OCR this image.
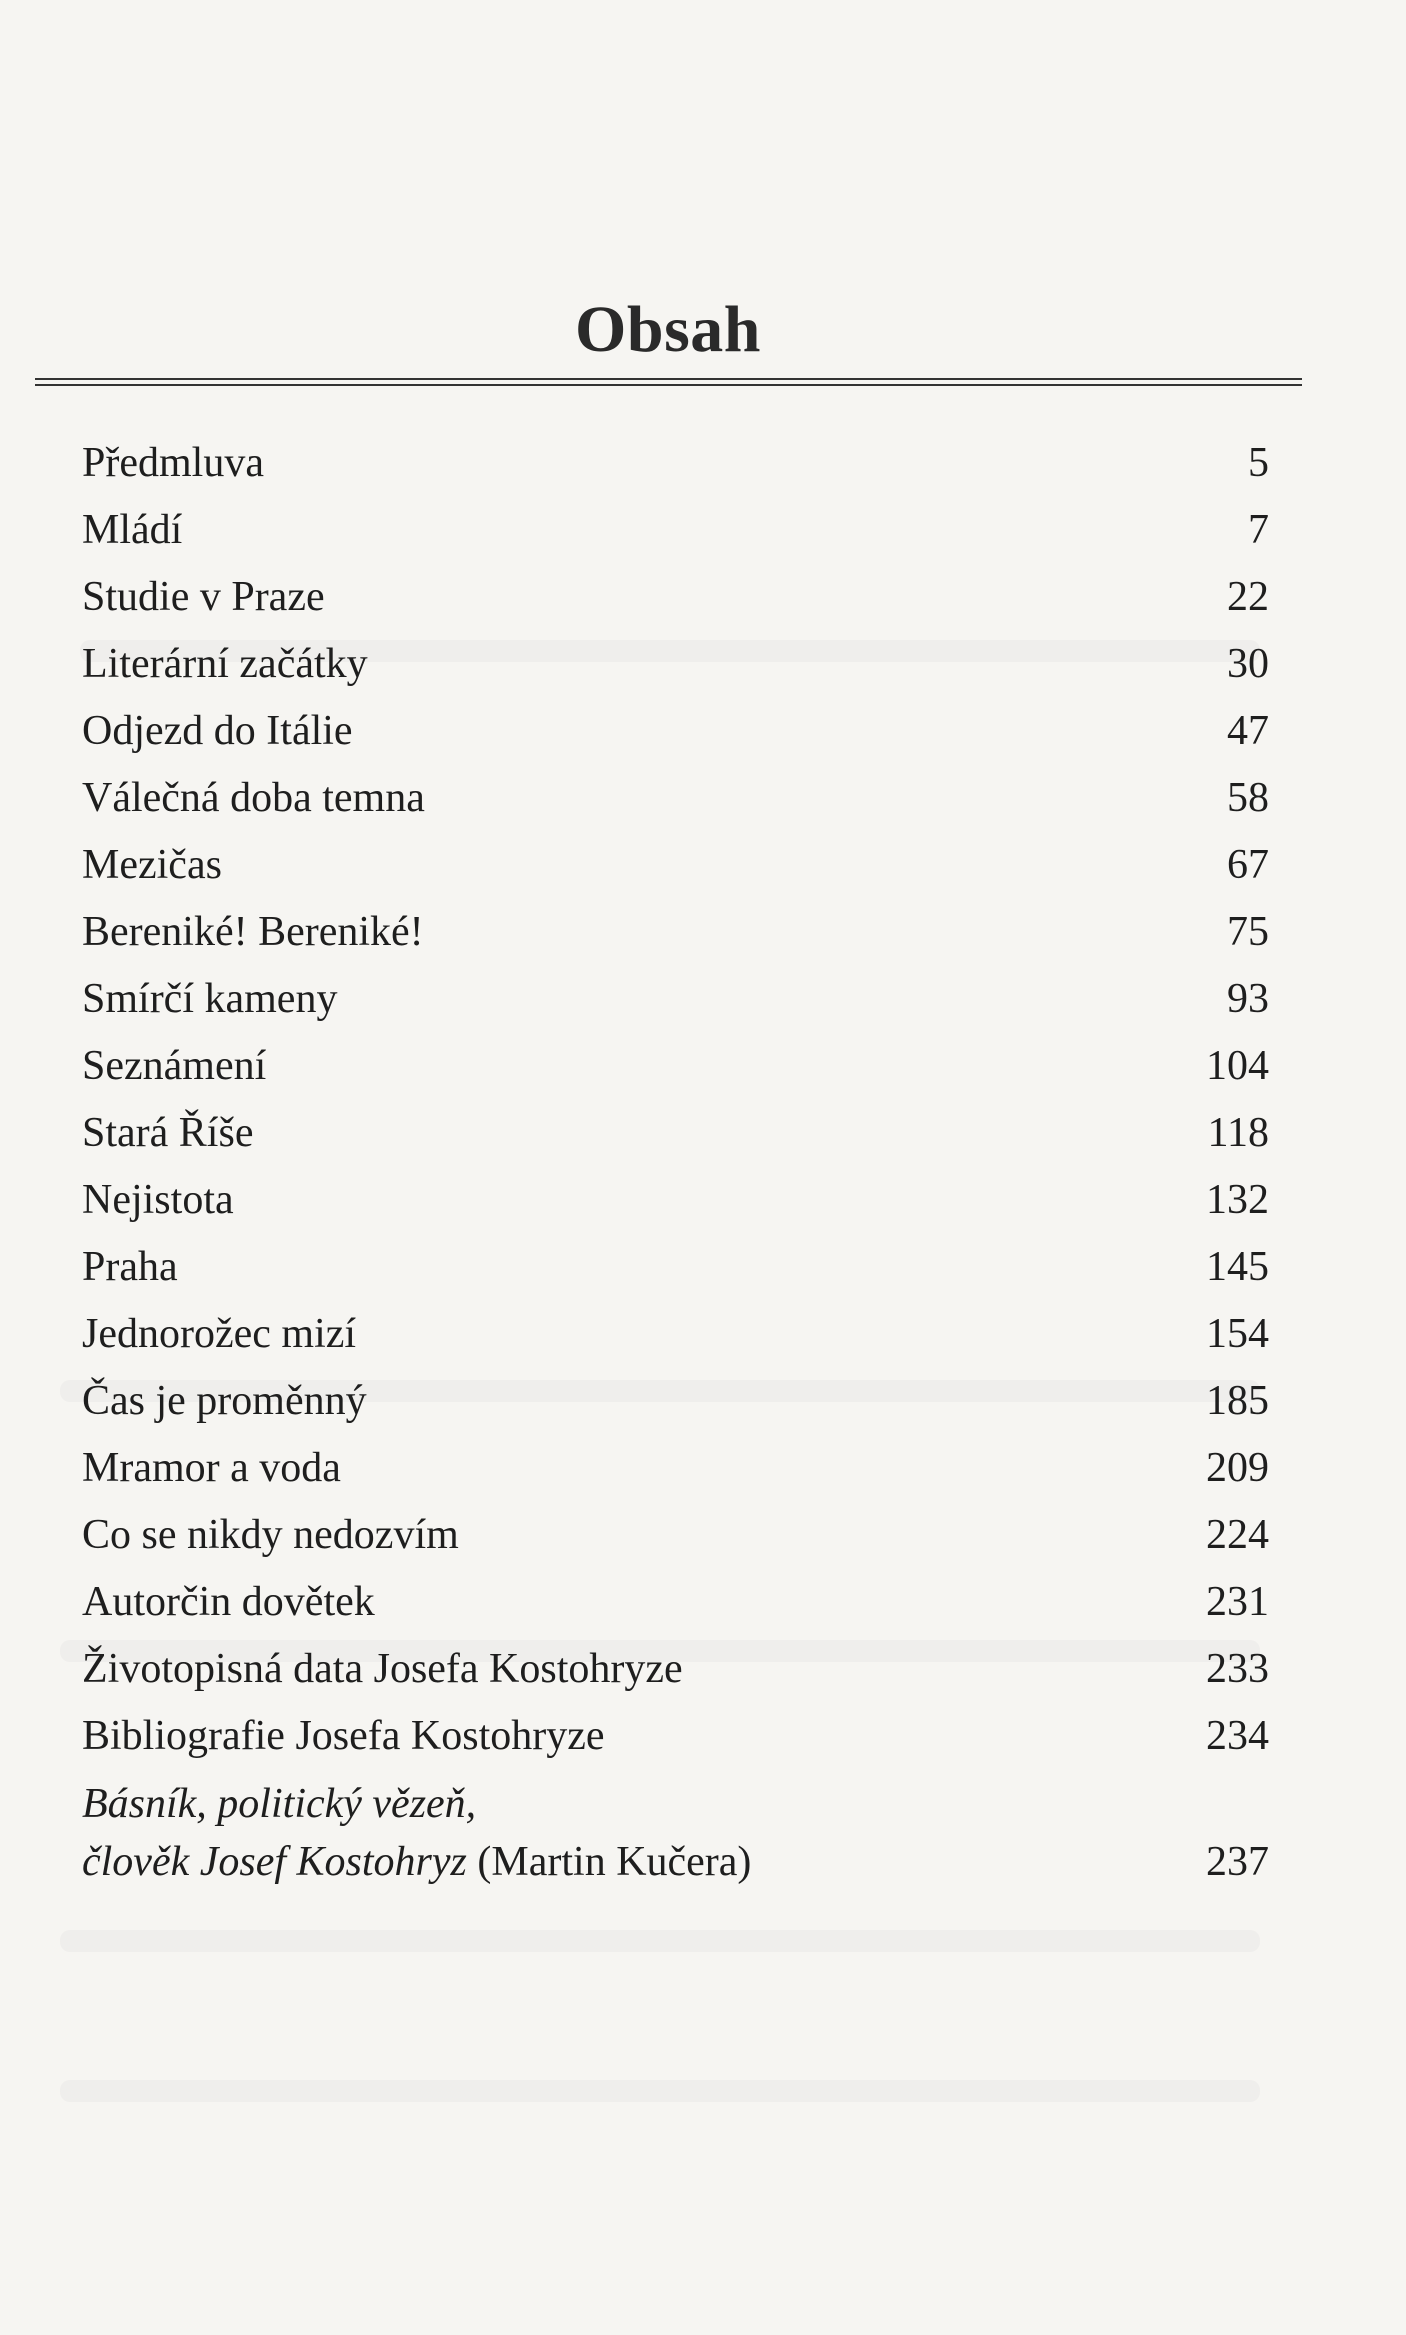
Obsah
Předmluva	5
Mládí	7
Studie v Praze	22
Literární začátky	30
Odjezd do Itálie	47
Válečná doba temna	58
Mezičas	67
Bereniké! Bereniké!	75
Smírčí kameny	93
Seznámení	104
Stará Říše	118
Nejistota	132
Praha	145
Jednorožec mizí	154
Čas je proměnný	185
Mramor a voda	209
Co se nikdy nedozvím	224
Autorčin dovětek	231
Životopisná data Josefa Kostohryze	233
Bibliografie Josefa Kostohryze	234
Básník, politický vězeň,
člověk Josef Kostohryz (Martin Kučera)	237
